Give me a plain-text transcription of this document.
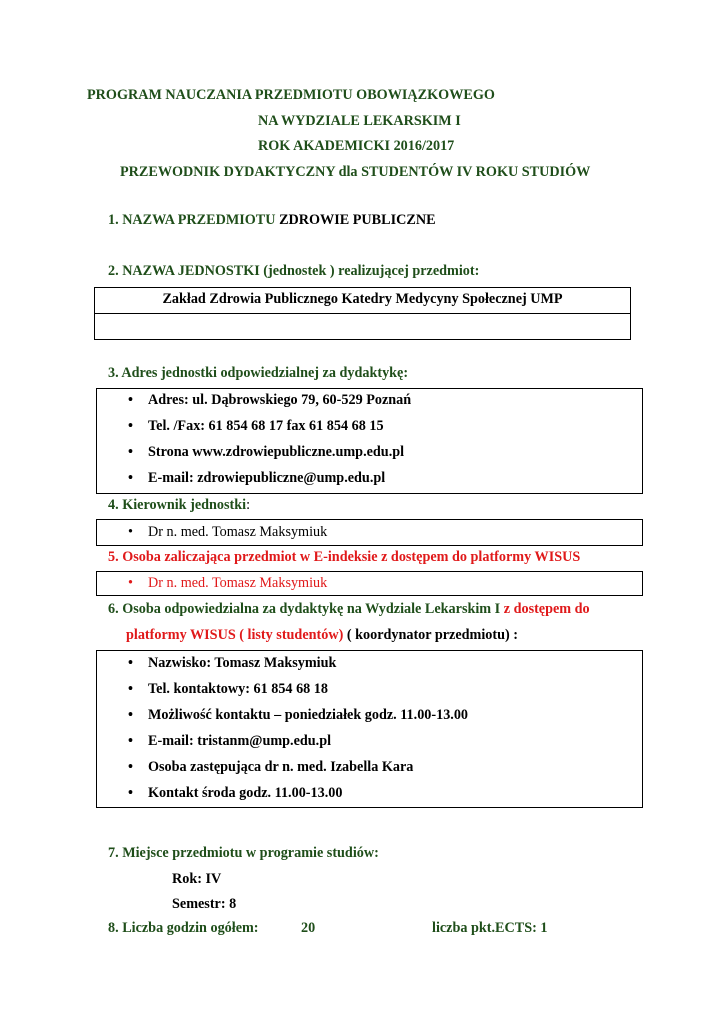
PROGRAM NAUCZANIA PRZEDMIOTU OBOWIĄZKOWEGO
NA WYDZIALE LEKARSKIM I
ROK AKADEMICKI 2016/2017
PRZEWODNIK DYDAKTYCZNY dla STUDENTÓW IV ROKU STUDIÓW
1. NAZWA PRZEDMIOTU ZDROWIE PUBLICZNE
2. NAZWA JEDNOSTKI (jednostek ) realizującej przedmiot:
Zakład Zdrowia Publicznego Katedry Medycyny Społecznej UMP
3. Adres jednostki odpowiedzialnej za dydaktykę:
• Adres: ul. Dąbrowskiego 79, 60-529 Poznań
• Tel. /Fax: 61 854 68 17 fax 61 854 68 15
• Strona www.zdrowiepubliczne.ump.edu.pl
• E-mail: zdrowiepubliczne@ump.edu.pl
4. Kierownik jednostki:
• Dr n. med. Tomasz Maksymiuk
5. Osoba zaliczająca przedmiot w E-indeksie z dostępem do platformy WISUS
• Dr n. med. Tomasz Maksymiuk
6. Osoba odpowiedzialna za dydaktykę na Wydziale Lekarskim I z dostępem do
platformy WISUS ( listy studentów) ( koordynator przedmiotu) :
• Nazwisko: Tomasz Maksymiuk
• Tel. kontaktowy: 61 854 68 18
• Możliwość kontaktu – poniedziałek godz. 11.00-13.00
• E-mail: tristanm@ump.edu.pl
• Osoba zastępująca dr n. med. Izabella Kara
• Kontakt środa godz. 11.00-13.00
7. Miejsce przedmiotu w programie studiów:
Rok: IV
Semestr: 8
8. Liczba godzin ogółem:	20	liczba pkt.ECTS: 1
